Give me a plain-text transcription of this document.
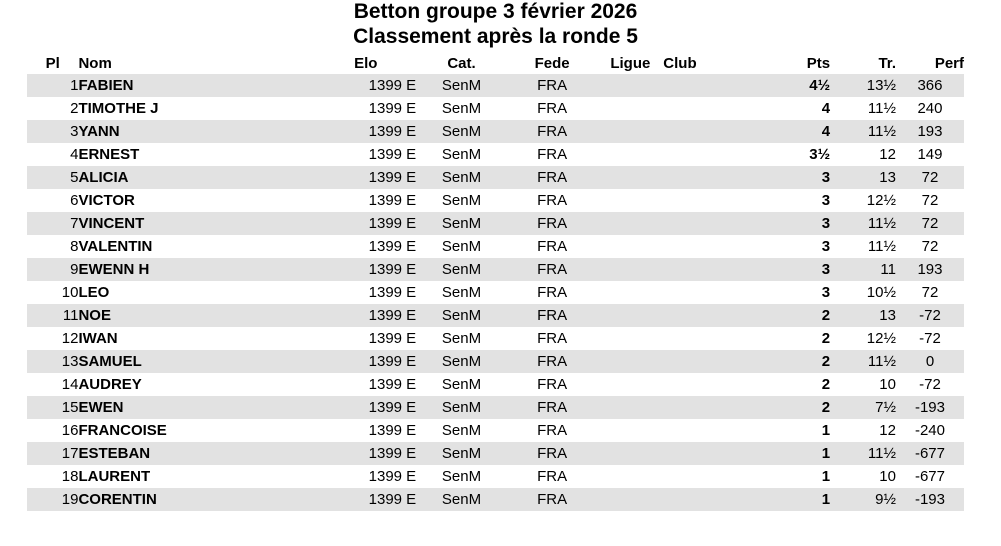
Betton groupe 3 février 2026
Classement après la ronde 5
Pl	Nom	Elo	Cat.	Fede	Ligue	Club	Pts	Tr.	Perf
1	FABIEN	1399 E	SenM	FRA			4½	13½	366
2	TIMOTHE J	1399 E	SenM	FRA			4	11½	240
3	YANN	1399 E	SenM	FRA			4	11½	193
4	ERNEST	1399 E	SenM	FRA			3½	12	149
5	ALICIA	1399 E	SenM	FRA			3	13	72
6	VICTOR	1399 E	SenM	FRA			3	12½	72
7	VINCENT	1399 E	SenM	FRA			3	11½	72
8	VALENTIN	1399 E	SenM	FRA			3	11½	72
9	EWENN H	1399 E	SenM	FRA			3	11	193
10	LEO	1399 E	SenM	FRA			3	10½	72
11	NOE	1399 E	SenM	FRA			2	13	-72
12	IWAN	1399 E	SenM	FRA			2	12½	-72
13	SAMUEL	1399 E	SenM	FRA			2	11½	0
14	AUDREY	1399 E	SenM	FRA			2	10	-72
15	EWEN	1399 E	SenM	FRA			2	7½	-193
16	FRANCOISE	1399 E	SenM	FRA			1	12	-240
17	ESTEBAN	1399 E	SenM	FRA			1	11½	-677
18	LAURENT	1399 E	SenM	FRA			1	10	-677
19	CORENTIN	1399 E	SenM	FRA			1	9½	-193
